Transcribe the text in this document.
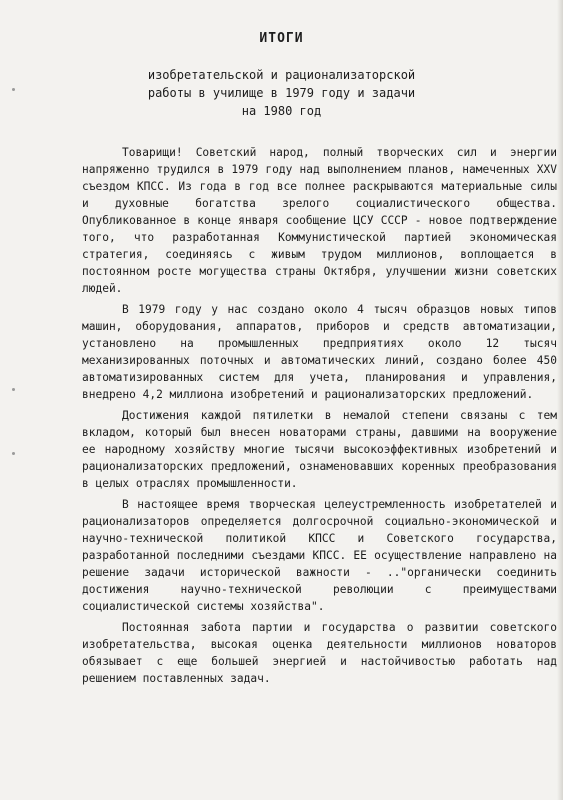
ИТОГИ
изобретательской и рационализаторской
работы в училище в 1979 году и задачи
на 1980 год

Товарищи! Советский народ, полный творческих сил и энергии напряженно трудился в 1979 году над выполнением планов, намеченных XXV съездом КПСС. Из года в год все полнее раскрываются материальные силы и духовные богатства зрелого социалистического общества. Опубликованное в конце января сообщение ЦСУ СССР - новое подтверждение того, что разработанная Коммунистической партией экономическая стратегия, соединяясь с живым трудом миллионов, воплощается в постоянном росте могущества страны Октября, улучшении жизни советских людей.

В 1979 году у нас создано около 4 тысяч образцов новых типов машин, оборудования, аппаратов, приборов и средств автоматизации, установлено на промышленных предприятиях около 12 тысяч механизированных поточных и автоматических линий, создано более 450 автоматизированных систем для учета, планирования и управления, внедрено 4,2 миллиона изобретений и рационализаторских предложений.

Достижения каждой пятилетки в немалой степени связаны с тем вкладом, который был внесен новаторами страны, давшими на вооружение ее народному хозяйству многие тысячи высокоэффективных изобретений и рационализаторских предложений, ознаменовавших коренных преобразования в целых отраслях промышленности.

В настоящее время творческая целеустремленность изобретателей и рационализаторов определяется долгосрочной социально-экономической и научно-технической политикой КПСС и Советского государства, разработанной последними съездами КПСС. ЕЕ осуществление направлено на решение задачи исторической важности - .."органически соединить достижения научно-технической революции с преимуществами социалистической системы хозяйства".

Постоянная забота партии и государства о развитии советского изобретательства, высокая оценка деятельности миллионов новаторов обязывает с еще большей энергией и настойчивостью работать над решением поставленных задач.
